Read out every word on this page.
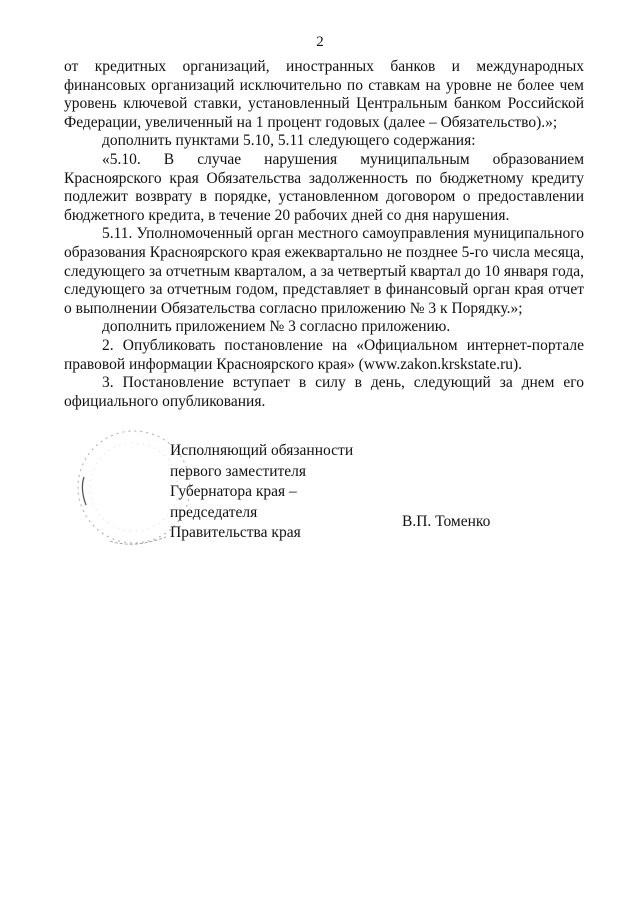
2

от кредитных организаций, иностранных банков и международных финансовых организаций исключительно по ставкам на уровне не более чем уровень ключевой ставки, установленный Центральным банком Российской Федерации, увеличенный на 1 процент годовых (далее – Обязательство).»;

дополнить пунктами 5.10, 5.11 следующего содержания:

«5.10. В случае нарушения муниципальным образованием Красноярского края Обязательства задолженность по бюджетному кредиту подлежит возврату в порядке, установленном договором о предоставлении бюджетного кредита, в течение 20 рабочих дней со дня нарушения.

5.11. Уполномоченный орган местного самоуправления муниципального образования Красноярского края ежеквартально не позднее 5-го числа месяца, следующего за отчетным кварталом, а за четвертый квартал до 10 января года, следующего за отчетным годом, представляет в финансовый орган края отчет о выполнении Обязательства согласно приложению № 3 к Порядку.»;

дополнить приложением № 3 согласно приложению.

2. Опубликовать постановление на «Официальном интернет-портале правовой информации Красноярского края» (www.zakon.krskstate.ru).

3. Постановление вступает в силу в день, следующий за днем его официального опубликования.

Исполняющий обязанности
первого заместителя
Губернатора края –
председателя
Правительства края
В.П. Томенко
